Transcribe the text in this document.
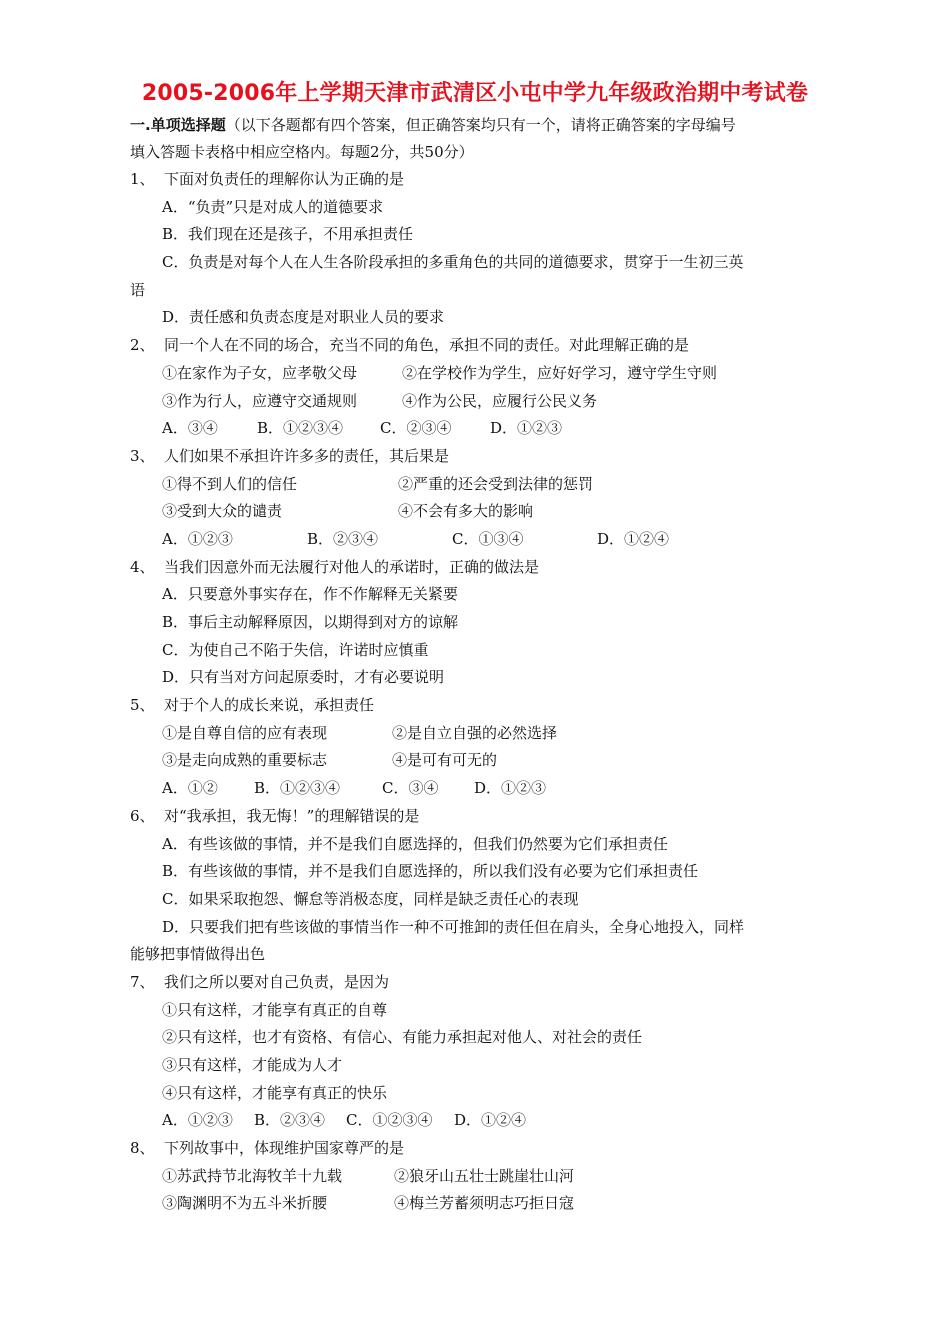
2005-2006年上学期天津市武清区小屯中学九年级政治期中考试卷
一.单项选择题（以下各题都有四个答案，但正确答案均只有一个，请将正确答案的字母编号
填入答题卡表格中相应空格内。每题2分，共50分）
1、 下面对负责任的理解你认为正确的是
A．“负责”只是对成人的道德要求
B．我们现在还是孩子，不用承担责任
C．负责是对每个人在人生各阶段承担的多重角色的共同的道德要求，贯穿于一生初三英
语
D．责任感和负责态度是对职业人员的要求
2、 同一个人在不同的场合，充当不同的角色，承担不同的责任。对此理解正确的是
①在家作为子女，应孝敬父母	②在学校作为学生，应好好学习，遵守学生守则
③作为行人，应遵守交通规则	④作为公民，应履行公民义务
A．③④	B．①②③④ C．②③④	D．①②③
3、 人们如果不承担许许多多的责任，其后果是
①得不到人们的信任	②严重的还会受到法律的惩罚
③受到大众的谴责	④不会有多大的影响
A．①②③	B．②③④	C．①③④	D．①②④
4、 当我们因意外而无法履行对他人的承诺时，正确的做法是
A．只要意外事实存在，作不作解释无关紧要
B．事后主动解释原因，以期得到对方的谅解
C．为使自己不陷于失信，许诺时应慎重
D．只有当对方问起原委时，才有必要说明
5、 对于个人的成长来说，承担责任
①是自尊自信的应有表现	②是自立自强的必然选择
③是走向成熟的重要标志	④是可有可无的
A．①② B．①②③④	C．③④ D．①②③
6、 对“我承担，我无悔！”的理解错误的是
A．有些该做的事情，并不是我们自愿选择的，但我们仍然要为它们承担责任
B．有些该做的事情，并不是我们自愿选择的，所以我们没有必要为它们承担责任
C．如果采取抱怨、懈怠等消极态度，同样是缺乏责任心的表现
D．只要我们把有些该做的事情当作一种不可推卸的责任但在肩头，全身心地投入，同样
能够把事情做得出色
7、 我们之所以要对自己负责，是因为
①只有这样，才能享有真正的自尊
②只有这样，也才有资格、有信心、有能力承担起对他人、对社会的责任
③只有这样，才能成为人才
④只有这样，才能享有真正的快乐
A．①②③ B．②③④ C．①②③④ D．①②④
8、 下列故事中，体现维护国家尊严的是
①苏武持节北海牧羊十九载	②狼牙山五壮士跳崖壮山河
③陶渊明不为五斗米折腰	④梅兰芳蓄须明志巧拒日寇
